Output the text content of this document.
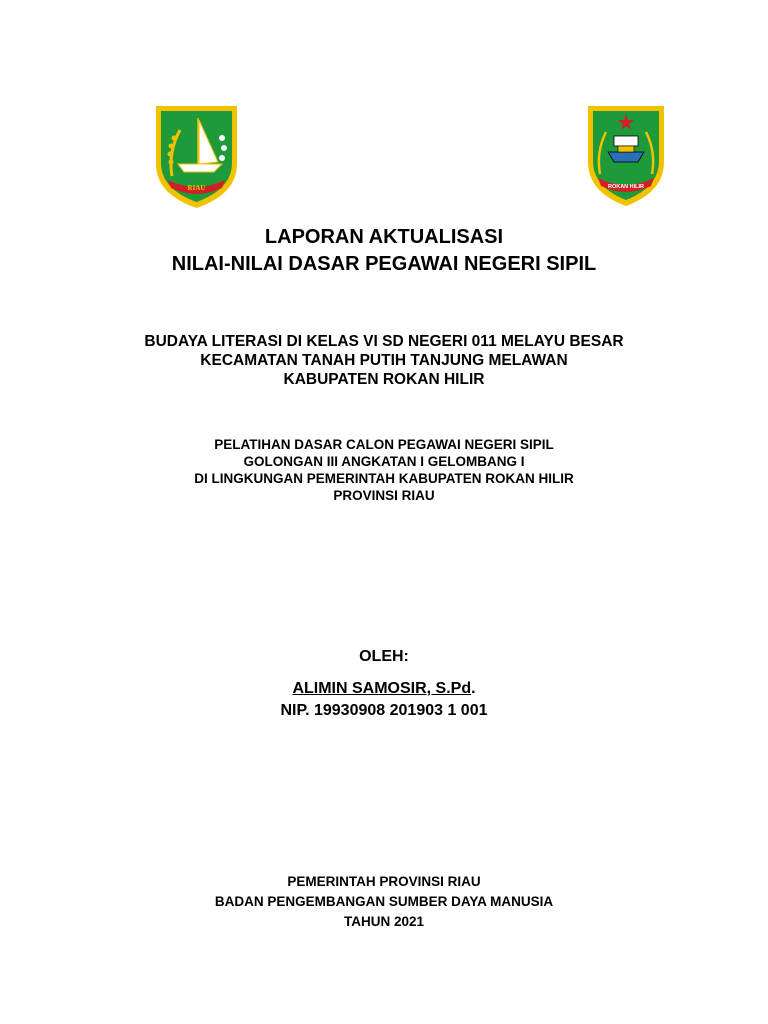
RIAU	ROKAN HILIR
LAPORAN AKTUALISASI
NILAI-NILAI DASAR PEGAWAI NEGERI SIPIL
BUDAYA LITERASI DI KELAS VI SD NEGERI 011 MELAYU BESAR
KECAMATAN TANAH PUTIH TANJUNG MELAWAN
KABUPATEN ROKAN HILIR
PELATIHAN DASAR CALON PEGAWAI NEGERI SIPIL
GOLONGAN III ANGKATAN I GELOMBANG I
DI LINGKUNGAN PEMERINTAH KABUPATEN ROKAN HILIR
PROVINSI RIAU
OLEH:
ALIMIN SAMOSIR, S.Pd.
NIP. 19930908 201903 1 001
PEMERINTAH PROVINSI RIAU
BADAN PENGEMBANGAN SUMBER DAYA MANUSIA
TAHUN 2021
